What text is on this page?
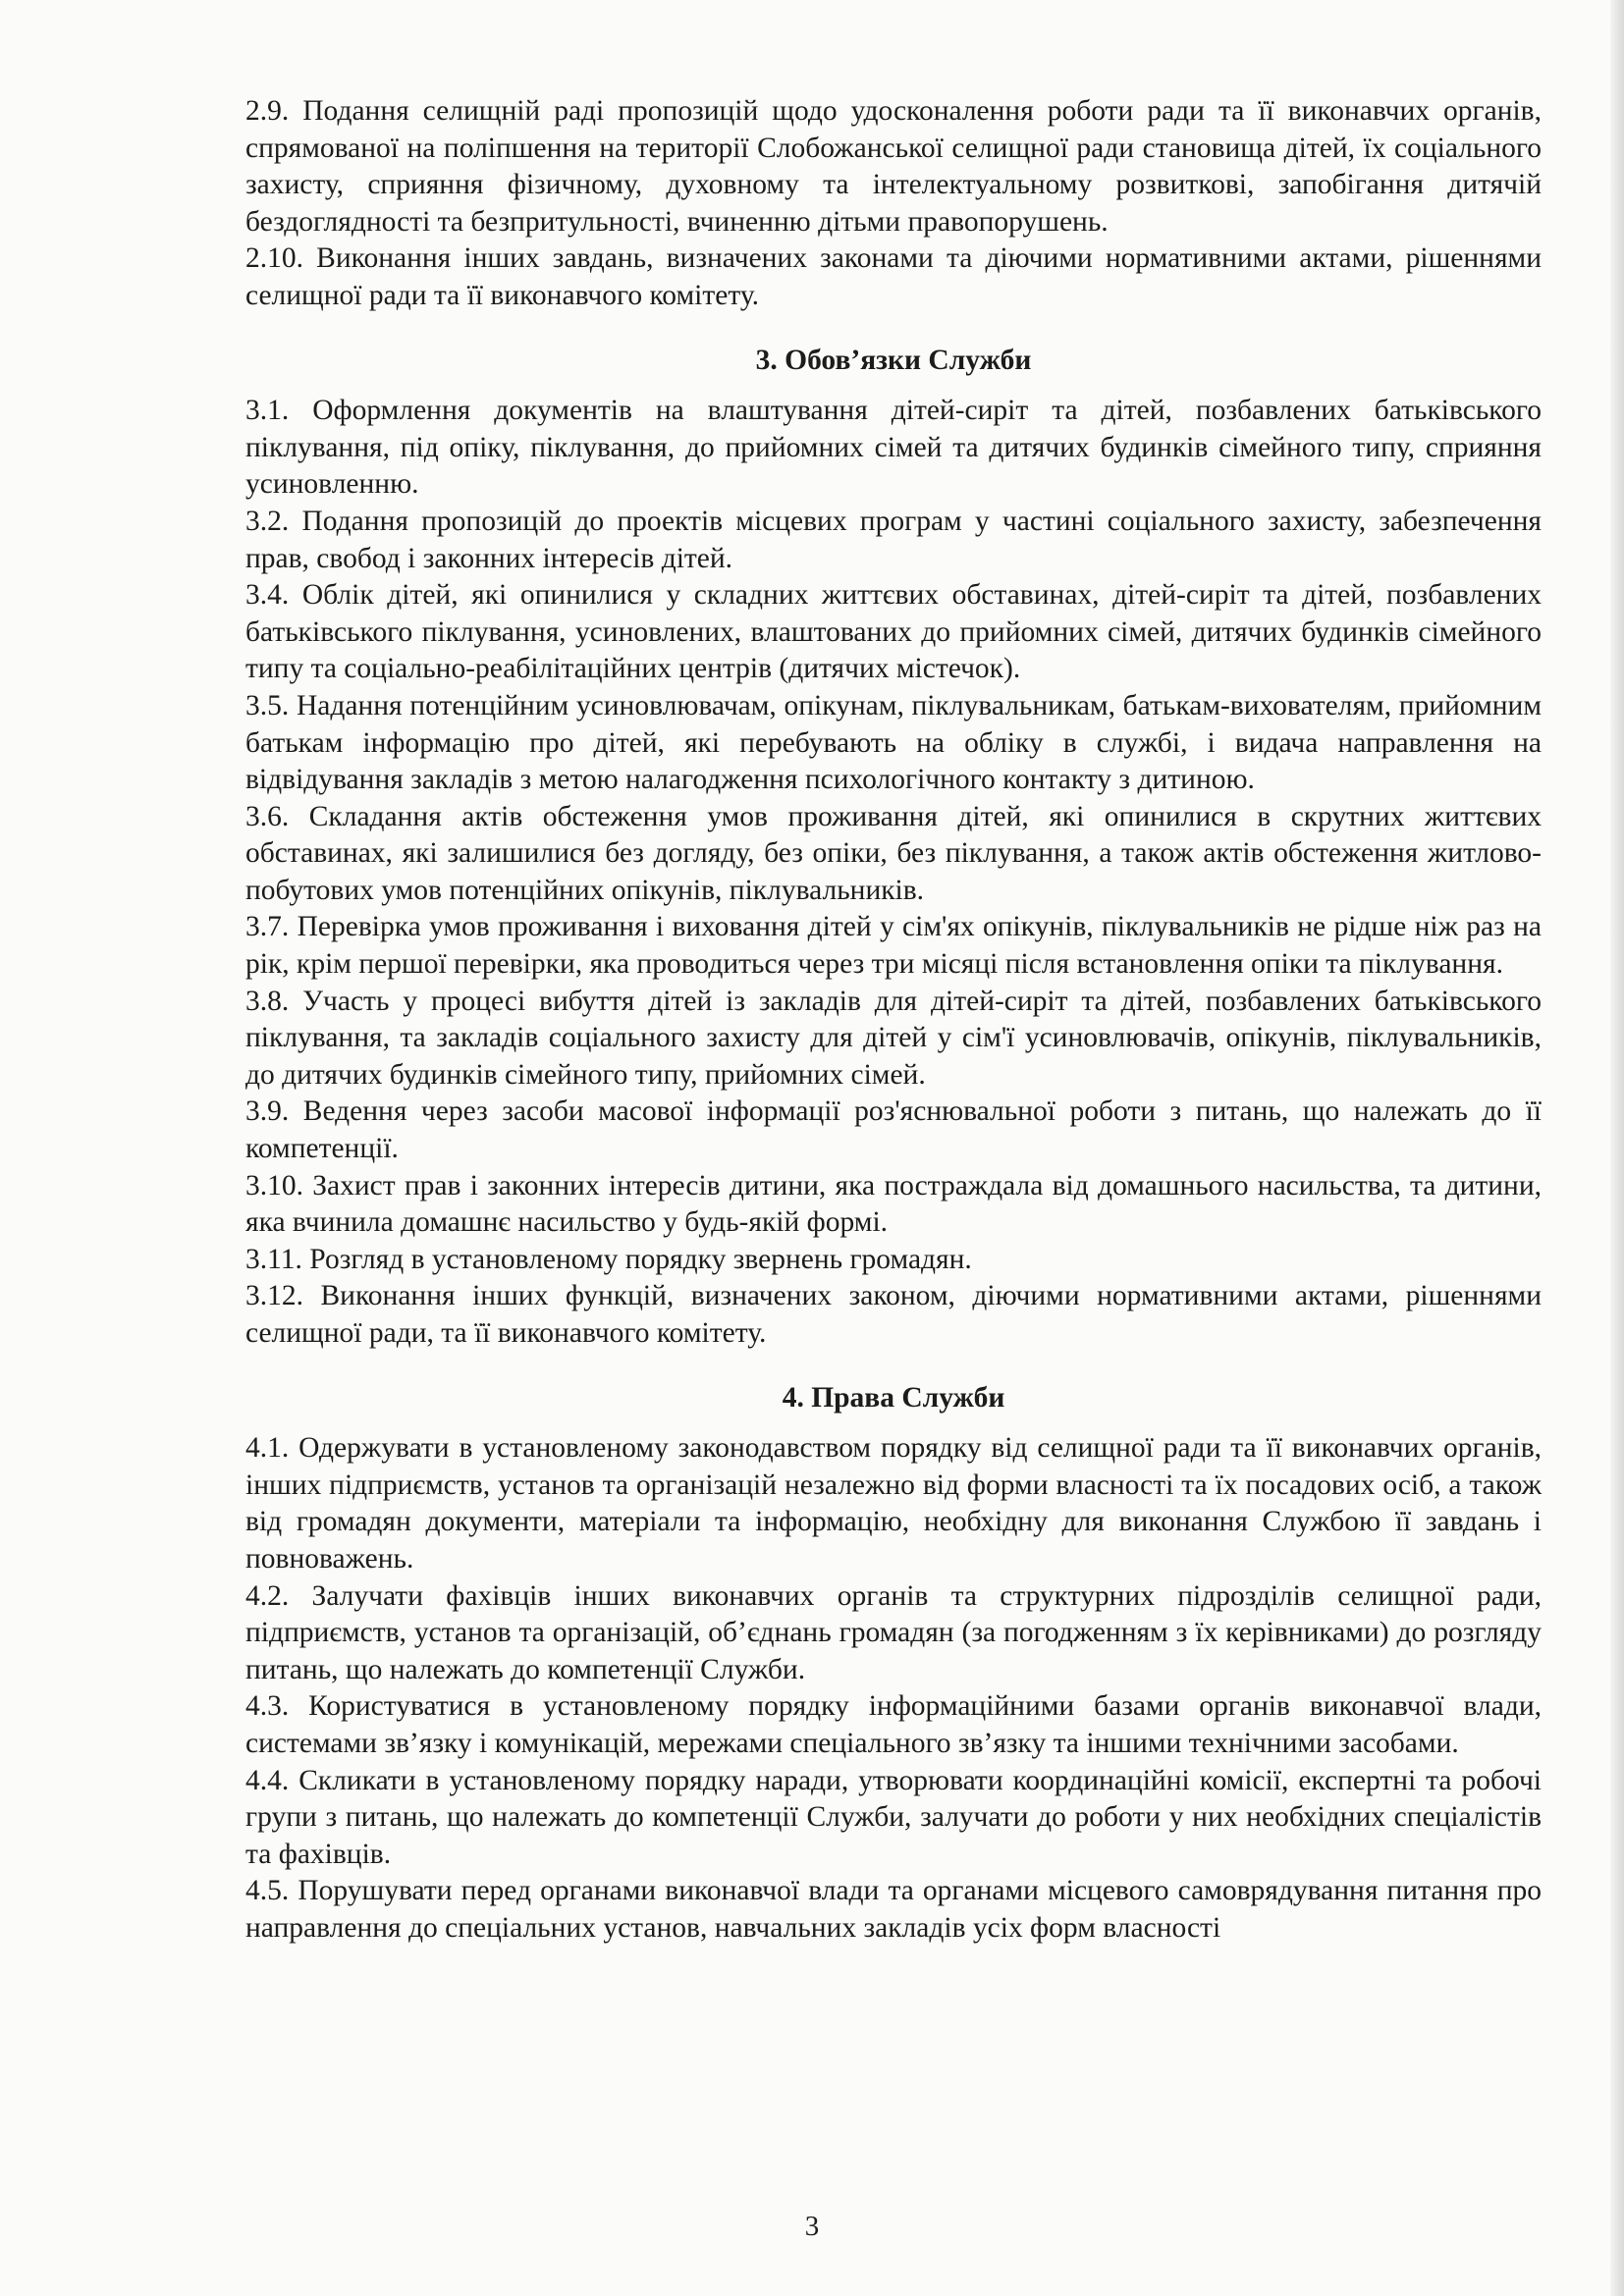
2.9. Подання селищній раді пропозицій щодо удосконалення роботи ради та її виконавчих органів, спрямованої на поліпшення на території Слобожанської селищної ради становища дітей, їх соціального захисту, сприяння фізичному, духовному та інтелектуальному розвиткові, запобігання дитячій бездоглядності та безпритульності, вчиненню дітьми правопорушень.

2.10. Виконання інших завдань, визначених законами та діючими нормативними актами, рішеннями селищної ради та її виконавчого комітету.

3. Обов’язки Служби

3.1. Оформлення документів на влаштування дітей-сиріт та дітей, позбавлених батьківського піклування, під опіку, піклування, до прийомних сімей та дитячих будинків сімейного типу, сприяння усиновленню.

3.2. Подання пропозицій до проектів місцевих програм у частині соціального захисту, забезпечення прав, свобод і законних інтересів дітей.

3.4. Облік дітей, які опинилися у складних життєвих обставинах, дітей-сиріт та дітей, позбавлених батьківського піклування, усиновлених, влаштованих до прийомних сімей, дитячих будинків сімейного типу та соціально-реабілітаційних центрів (дитячих містечок).

3.5. Надання потенційним усиновлювачам, опікунам, піклувальникам, батькам-вихователям, прийомним батькам інформацію про дітей, які перебувають на обліку в службі, і видача направлення на відвідування закладів з метою налагодження психологічного контакту з дитиною.

3.6. Складання актів обстеження умов проживання дітей, які опинилися в скрутних життєвих обставинах, які залишилися без догляду, без опіки, без піклування, а також актів обстеження житлово-побутових умов потенційних опікунів, піклувальників.

3.7. Перевірка умов проживання і виховання дітей у сім'ях опікунів, піклувальників не рідше ніж раз на рік, крім першої перевірки, яка проводиться через три місяці після встановлення опіки та піклування.

3.8. Участь у процесі вибуття дітей із закладів для дітей-сиріт та дітей, позбавлених батьківського піклування, та закладів соціального захисту для дітей у сім'ї усиновлювачів, опікунів, піклувальників, до дитячих будинків сімейного типу, прийомних сімей.

3.9. Ведення через засоби масової інформації роз'яснювальної роботи з питань, що належать до її компетенції.

3.10. Захист прав і законних інтересів дитини, яка постраждала від домашнього насильства, та дитини, яка вчинила домашнє насильство у будь-якій формі.

3.11. Розгляд в установленому порядку звернень громадян.

3.12. Виконання інших функцій, визначених законом, діючими нормативними актами, рішеннями селищної ради, та її виконавчого комітету.

4. Права Служби

4.1. Одержувати в установленому законодавством порядку від селищної ради та її виконавчих органів, інших підприємств, установ та організацій незалежно від форми власності та їх посадових осіб, а також від громадян документи, матеріали та інформацію, необхідну для виконання Службою її завдань і повноважень.

4.2. Залучати фахівців інших виконавчих органів та структурних підрозділів селищної ради, підприємств, установ та організацій, об’єднань громадян (за погодженням з їх керівниками) до розгляду питань, що належать до компетенції Служби.

4.3. Користуватися в установленому порядку інформаційними базами органів виконавчої влади, системами зв’язку і комунікацій, мережами спеціального зв’язку та іншими технічними засобами.

4.4. Скликати в установленому порядку наради, утворювати координаційні комісії, експертні та робочі групи з питань, що належать до компетенції Служби, залучати до роботи у них необхідних спеціалістів та фахівців.

4.5. Порушувати перед органами виконавчої влади та органами місцевого самоврядування питання про направлення до спеціальних установ, навчальних закладів усіх форм власності

3
